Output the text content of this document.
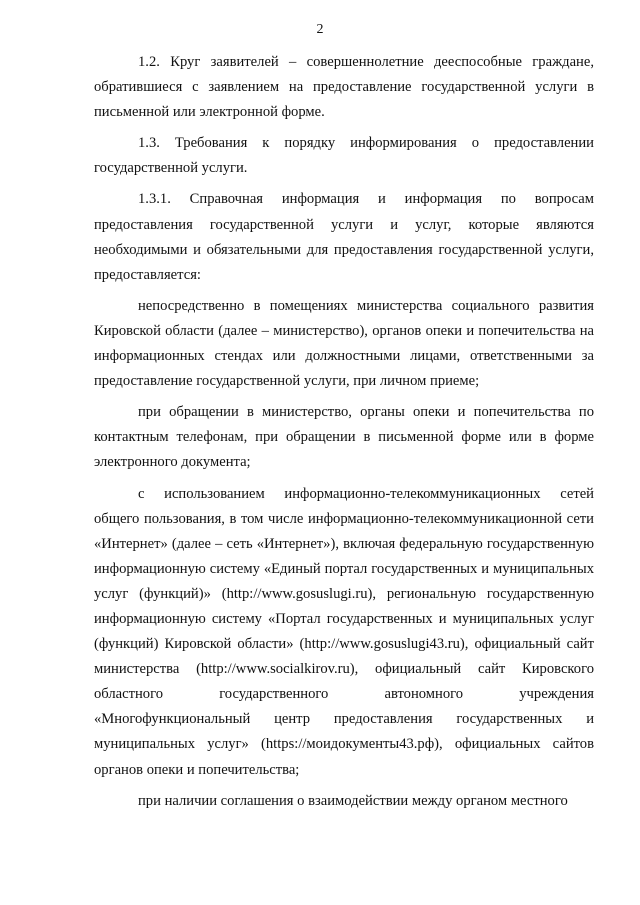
2

1.2. Круг заявителей – совершеннолетние дееспособные граждане, обратившиеся с заявлением на предоставление государственной услуги в письменной или электронной форме.

1.3. Требования к порядку информирования о предоставлении государственной услуги.

1.3.1. Справочная информация и информация по вопросам предоставления государственной услуги и услуг, которые являются необходимыми и обязательными для предоставления государственной услуги, предоставляется:

непосредственно в помещениях министерства социального развития Кировской области (далее – министерство), органов опеки и попечительства на информационных стендах или должностными лицами, ответственными за предоставление государственной услуги, при личном приеме;

при обращении в министерство, органы опеки и попечительства по контактным телефонам, при обращении в письменной форме или в форме электронного документа;

с использованием информационно-телекоммуникационных сетей общего пользования, в том числе информационно-телекоммуникационной сети «Интернет» (далее – сеть «Интернет»), включая федеральную государственную информационную систему «Единый портал государственных и муниципальных услуг (функций)» (http://www.gosuslugi.ru), региональную государственную информационную систему «Портал государственных и муниципальных услуг (функций) Кировской области» (http://www.gosuslugi43.ru), официальный сайт министерства (http://www.socialkirov.ru), официальный сайт Кировского областного государственного автономного учреждения «Многофункциональный центр предоставления государственных и муниципальных услуг» (https://моидокументы43.рф), официальных сайтов органов опеки и попечительства;

при наличии соглашения о взаимодействии между органом местного
